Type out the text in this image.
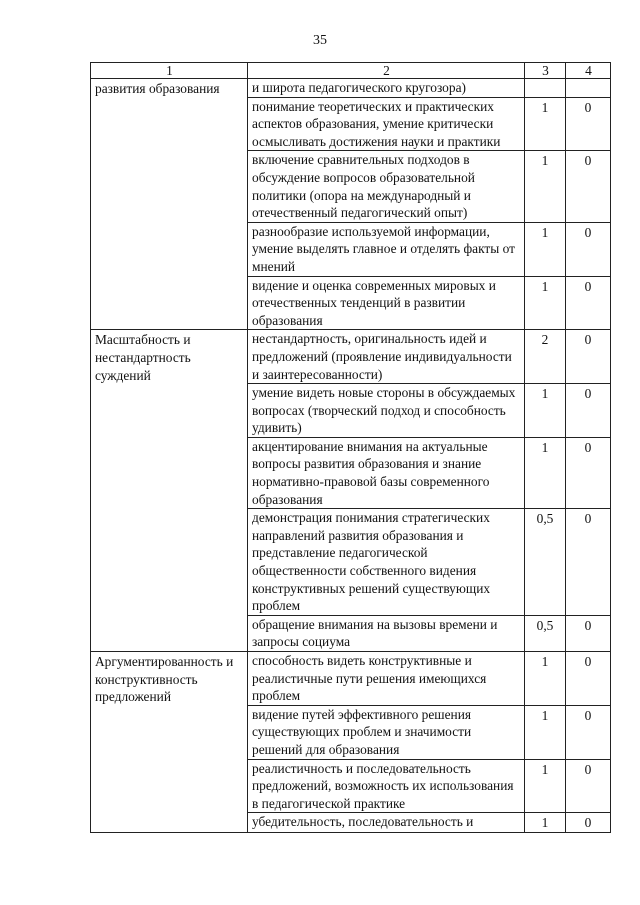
35
1	2	3	4
развития образования	и широта педагогического кругозора)		
	понимание теоретических и практических аспектов образования, умение критически осмысливать достижения науки и практики	1	0
	включение сравнительных подходов в обсуждение вопросов образовательной политики (опора на международный и отечественный педагогический опыт)	1	0
	разнообразие используемой информации, умение выделять главное и отделять факты от мнений	1	0
	видение и оценка современных мировых и отечественных тенденций в развитии образования	1	0
Масштабность и нестандартность суждений	нестандартность, оригинальность идей и предложений (проявление индивидуальности и заинтересованности)	2	0
	умение видеть новые стороны в обсуждаемых вопросах (творческий подход и способность удивить)	1	0
	акцентирование внимания на актуальные вопросы развития образования и знание нормативно-правовой базы современного образования	1	0
	демонстрация понимания стратегических направлений развития образования и представление педагогической общественности собственного видения конструктивных решений существующих проблем	0,5	0
	обращение внимания на вызовы времени и запросы социума	0,5	0
Аргументированность и конструктивность предложений	способность видеть конструктивные и реалистичные пути решения имеющихся проблем	1	0
	видение путей эффективного решения существующих проблем и значимости решений для образования	1	0
	реалистичность и последовательность предложений, возможность их использования в педагогической практике	1	0
	убедительность, последовательность и	1	0
